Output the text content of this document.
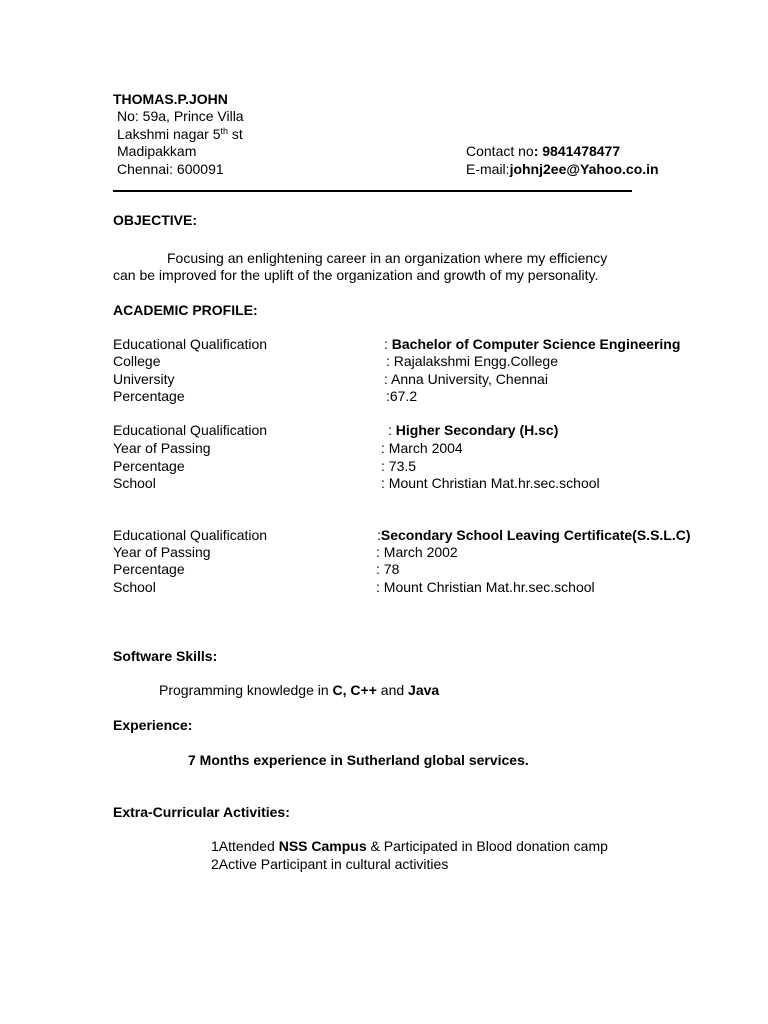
THOMAS.P.JOHN
No: 59a, Prince Villa
Lakshmi nagar 5th st
Madipakkam
Chennai: 600091
Contact no: 9841478477
E-mail:johnj2ee@Yahoo.co.in
OBJECTIVE:
Focusing an enlightening career in an organization where my efficiency
can be improved for the uplift of the organization and growth of my personality.
ACADEMIC PROFILE:
Educational Qualification	: Bachelor of Computer Science Engineering
College	: Rajalakshmi Engg.College
University	: Anna University, Chennai
Percentage	:67.2
Educational Qualification	: Higher Secondary (H.sc)
Year of Passing	: March 2004
Percentage	: 73.5
School	: Mount Christian Mat.hr.sec.school
Educational Qualification	:Secondary School Leaving Certificate(S.S.L.C)
Year of Passing	: March 2002
Percentage	: 78
School	: Mount Christian Mat.hr.sec.school
Software Skills:
Programming knowledge in C, C++ and Java
Experience:
7 Months experience in Sutherland global services.
Extra-Curricular Activities:
1Attended NSS Campus & Participated in Blood donation camp
2Active Participant in cultural activities
